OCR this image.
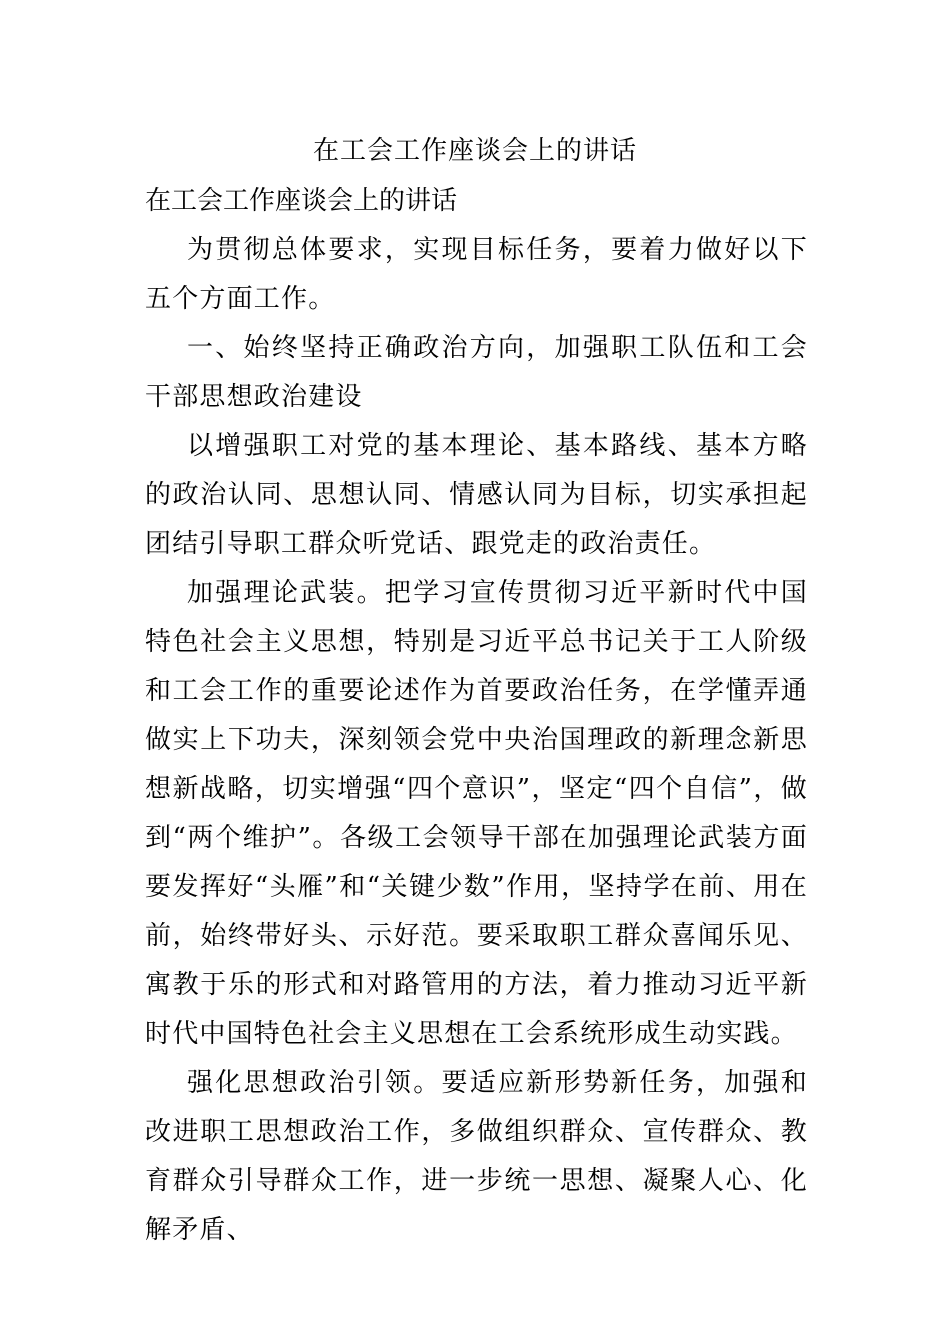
在工会工作座谈会上的讲话

在工会工作座谈会上的讲话

为贯彻总体要求，实现目标任务，要着力做好以下五个方面工作。

一、始终坚持正确政治方向，加强职工队伍和工会干部思想政治建设

以增强职工对党的基本理论、基本路线、基本方略的政治认同、思想认同、情感认同为目标，切实承担起团结引导职工群众听党话、跟党走的政治责任。

加强理论武装。把学习宣传贯彻习近平新时代中国特色社会主义思想，特别是习近平总书记关于工人阶级和工会工作的重要论述作为首要政治任务，在学懂弄通做实上下功夫，深刻领会党中央治国理政的新理念新思想新战略，切实增强“四个意识”，坚定“四个自信”，做到“两个维护”。各级工会领导干部在加强理论武装方面要发挥好“头雁”和“关键少数”作用，坚持学在前、用在前，始终带好头、示好范。要采取职工群众喜闻乐见、寓教于乐的形式和对路管用的方法，着力推动习近平新时代中国特色社会主义思想在工会系统形成生动实践。

强化思想政治引领。要适应新形势新任务，加强和改进职工思想政治工作，多做组织群众、宣传群众、教育群众引导群众工作，进一步统一思想、凝聚人心、化解矛盾、
